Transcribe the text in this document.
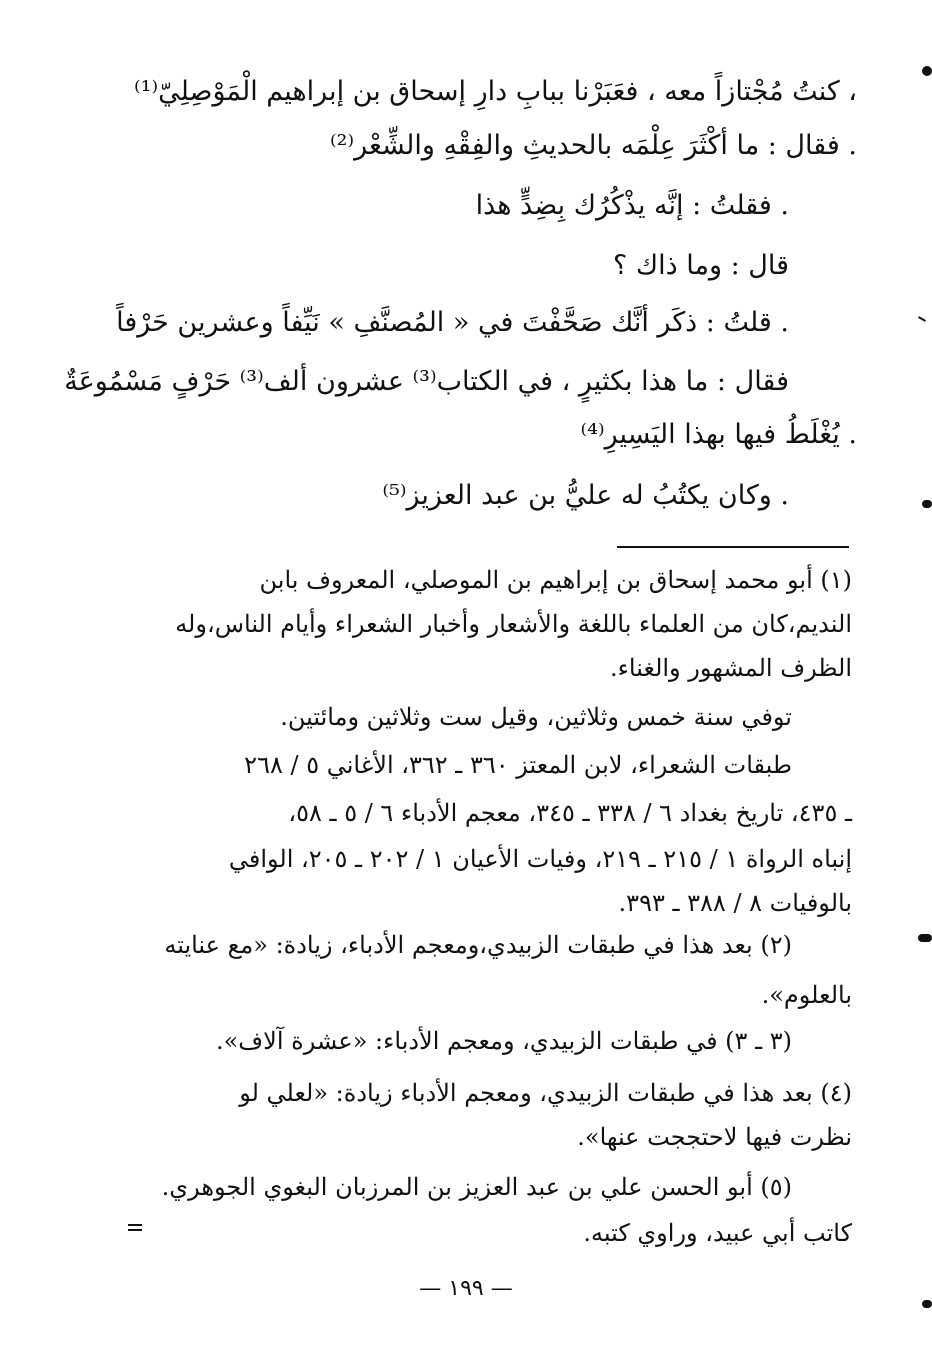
كنتُ مُجْتازاً معه ، فعَبَرْنا ببابِ دارِ إسحاق بن إبراهيم الْمَوْصِلِيّ⁽¹⁾ ،
فقال : ما أكْثَرَ عِلْمَه بالحديثِ والفِقْهِ والشِّعْر⁽²⁾ .
فقلتُ : إنَّه يذْكُرُك بِضِدٍّ هذا .
قال : وما ذاك ؟
قلتُ : ذكَر أنَّك صَحَّفْتَ في « المُصنَّفِ » نَيِّفاً وعشرين حَرْفاً .
فقال : ما هذا بكثيرٍ ، في الكتاب⁽³⁾ عشرون ألف⁽³⁾ حَرْفٍ مَسْمُوعَةٌ
يُغْلَطُ فيها بهذا اليَسِيرِ⁽⁴⁾ .
وكان يكتُبُ له عليُّ بن عبد العزيز⁽⁵⁾ .
(١) أبو محمد إسحاق بن إبراهيم بن الموصلي، المعروف بابن
النديم،كان من العلماء باللغة والأشعار وأخبار الشعراء وأيام الناس،وله
الظرف المشهور والغناء.
توفي سنة خمس وثلاثين، وقيل ست وثلاثين ومائتين.
طبقات الشعراء، لابن المعتز ٣٦٠ ـ ٣٦٢، الأغاني ٥ / ٢٦٨
ـ ٤٣٥، تاريخ بغداد ٦ / ٣٣٨ ـ ٣٤٥، معجم الأدباء ٦ / ٥ ـ ٥٨،
إنباه الرواة ١ / ٢١٥ ـ ٢١٩، وفيات الأعيان ١ / ٢٠٢ ـ ٢٠٥، الوافي
بالوفيات ٨ / ٣٨٨ ـ ٣٩٣.
(٢) بعد هذا في طبقات الزبيدي،ومعجم الأدباء، زيادة: «مع عنايته
بالعلوم».
(٣ ـ ٣) في طبقات الزبيدي، ومعجم الأدباء: «عشرة آلاف».
(٤) بعد هذا في طبقات الزبيدي، ومعجم الأدباء زيادة: «لعلي لو
نظرت فيها لاحتججت عنها».
(٥) أبو الحسن علي بن عبد العزيز بن المرزبان البغوي الجوهري.
كاتب أبي عبيد، وراوي كتبه.
— ١٩٩ —
